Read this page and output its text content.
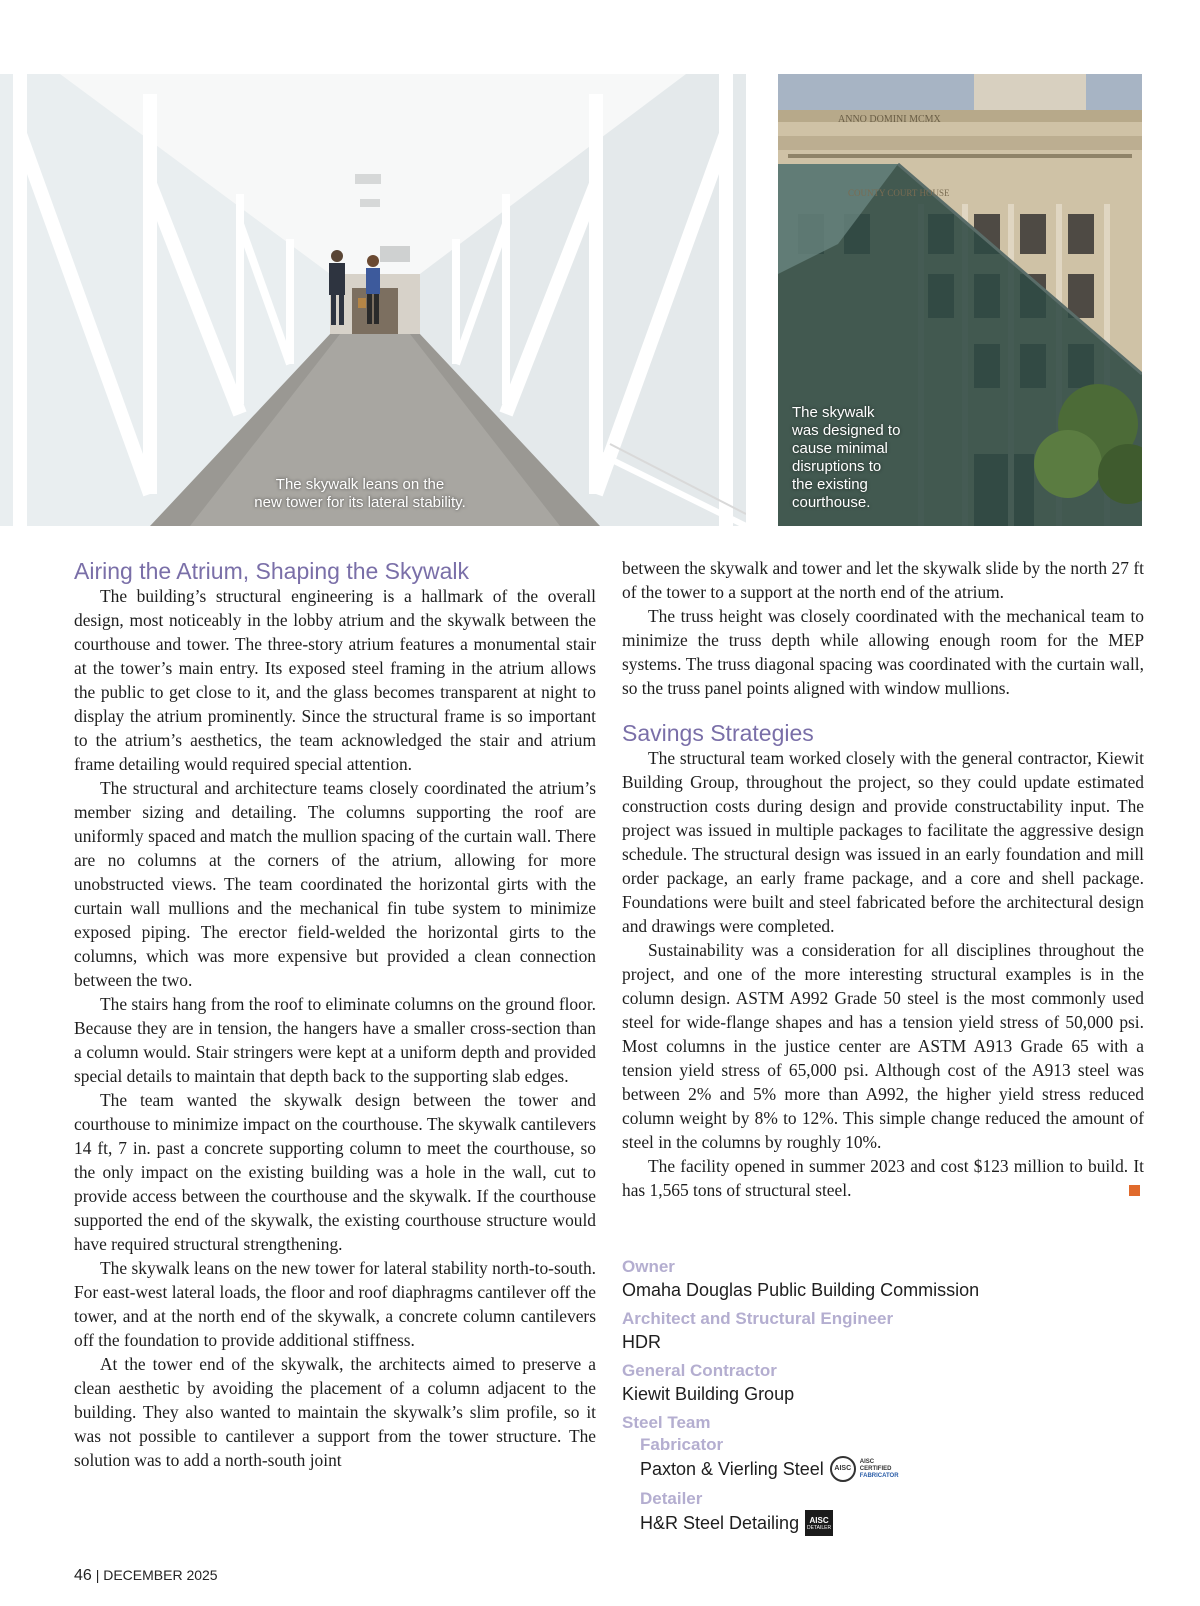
The skywalk leans on the
new tower for its lateral stability.
ANNO DOMINI MCMX
COUNTY COURT HOUSE
The skywalk
was designed to
cause minimal
disruptions to
the existing
courthouse.
Airing the Atrium, Shaping the Skywalk

The building’s structural engineering is a hallmark of the overall design, most noticeably in the lobby atrium and the skywalk between the courthouse and tower. The three-story atrium features a monumental stair at the tower’s main entry. Its exposed steel framing in the atrium allows the public to get close to it, and the glass becomes transparent at night to display the atrium prominently. Since the structural frame is so important to the atrium’s aesthetics, the team acknowledged the stair and atrium frame detailing would required special attention.

The structural and architecture teams closely coordinated the atrium’s member sizing and detailing. The columns supporting the roof are uniformly spaced and match the mullion spacing of the curtain wall. There are no columns at the corners of the atrium, allowing for more unobstructed views. The team coordinated the horizontal girts with the curtain wall mullions and the mechanical fin tube system to minimize exposed piping. The erector field-welded the horizontal girts to the columns, which was more expensive but provided a clean connection between the two.

The stairs hang from the roof to eliminate columns on the ground floor. Because they are in tension, the hangers have a smaller cross-section than a column would. Stair stringers were kept at a uniform depth and provided special details to maintain that depth back to the supporting slab edges.

The team wanted the skywalk design between the tower and courthouse to minimize impact on the courthouse. The skywalk cantilevers 14 ft, 7 in. past a concrete supporting column to meet the courthouse, so the only impact on the existing building was a hole in the wall, cut to provide access between the courthouse and the skywalk. If the courthouse supported the end of the skywalk, the existing courthouse structure would have required structural strengthening.

The skywalk leans on the new tower for lateral stability north-to-south. For east-west lateral loads, the floor and roof diaphragms cantilever off the tower, and at the north end of the skywalk, a concrete column cantilevers off the foundation to provide additional stiffness.

At the tower end of the skywalk, the architects aimed to preserve a clean aesthetic by avoiding the placement of a column adjacent to the building. They also wanted to maintain the skywalk’s slim profile, so it was not possible to cantilever a support from the tower structure. The solution was to add a north-south joint

between the skywalk and tower and let the skywalk slide by the north 27 ft of the tower to a support at the north end of the atrium.

The truss height was closely coordinated with the mechanical team to minimize the truss depth while allowing enough room for the MEP systems. The truss diagonal spacing was coordinated with the curtain wall, so the truss panel points aligned with window mullions.

Savings Strategies

The structural team worked closely with the general contractor, Kiewit Building Group, throughout the project, so they could update estimated construction costs during design and provide constructability input. The project was issued in multiple packages to facilitate the aggressive design schedule. The structural design was issued in an early foundation and mill order package, an early frame package, and a core and shell package. Foundations were built and steel fabricated before the architectural design and drawings were completed.

Sustainability was a consideration for all disciplines throughout the project, and one of the more interesting structural examples is in the column design. ASTM A992 Grade 50 steel is the most commonly used steel for wide-flange shapes and has a tension yield stress of 50,000 psi. Most columns in the justice center are ASTM A913 Grade 65 with a tension yield stress of 65,000 psi. Although cost of the A913 steel was between 2% and 5% more than A992, the higher yield stress reduced column weight by 8% to 12%. This simple change reduced the amount of steel in the columns by roughly 10%.

The facility opened in summer 2023 and cost $123 million to build. It has 1,565 tons of structural steel.

Owner
Omaha Douglas Public Building Commission
Architect and Structural Engineer
HDR
General Contractor
Kiewit Building Group
Steel Team
Fabricator
Paxton & Vierling Steel	AISC
AISC
CERTIFIED
FABRICATOR
Detailer
H&R Steel Detailing AISC
DETAILER
46 | DECEMBER 2025
